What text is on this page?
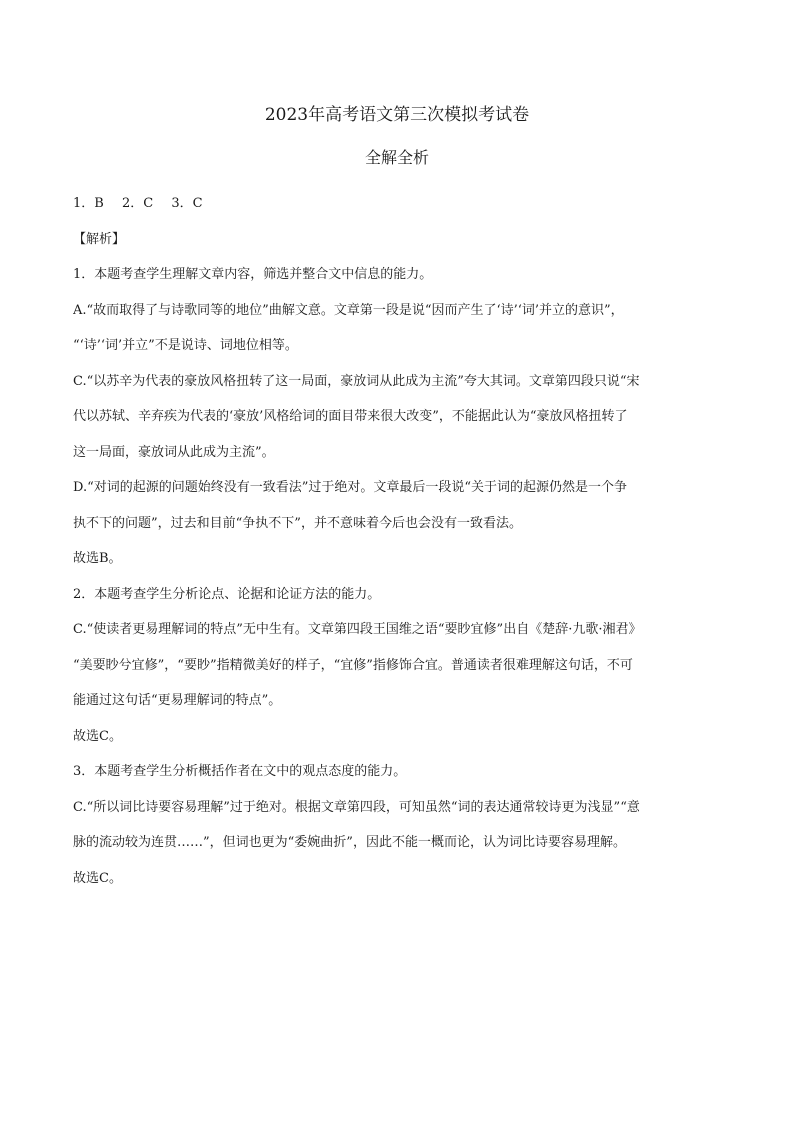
2023年高考语文第三次模拟考试卷
全解全析

1．B 2．C 3．C

【解析】

1．本题考查学生理解文章内容，筛选并整合文中信息的能力。

A.“故而取得了与诗歌同等的地位”曲解文意。文章第一段是说“因而产生了‘诗’‘词’并立的意识”，

“‘诗’‘词’并立”不是说诗、词地位相等。

C.“以苏辛为代表的豪放风格扭转了这一局面，豪放词从此成为主流”夸大其词。文章第四段只说“宋

代以苏轼、辛弃疾为代表的‘豪放’风格给词的面目带来很大改变”，不能据此认为“豪放风格扭转了

这一局面，豪放词从此成为主流”。

D.“对词的起源的问题始终没有一致看法”过于绝对。文章最后一段说“关于词的起源仍然是一个争

执不下的问题”，过去和目前“争执不下”，并不意味着今后也会没有一致看法。

故选B。

2．本题考查学生分析论点、论据和论证方法的能力。

C.“使读者更易理解词的特点”无中生有。文章第四段王国维之语“要眇宜修”出自《楚辞·九歌·湘君》

“美要眇兮宜修”，“要眇”指精微美好的样子，“宜修”指修饰合宜。普通读者很难理解这句话，不可

能通过这句话“更易理解词的特点”。

故选C。

3．本题考查学生分析概括作者在文中的观点态度的能力。

C.“所以词比诗要容易理解”过于绝对。根据文章第四段，可知虽然“词的表达通常较诗更为浅显”“意

脉的流动较为连贯……”，但词也更为“委婉曲折”，因此不能一概而论，认为词比诗要容易理解。

故选C。
